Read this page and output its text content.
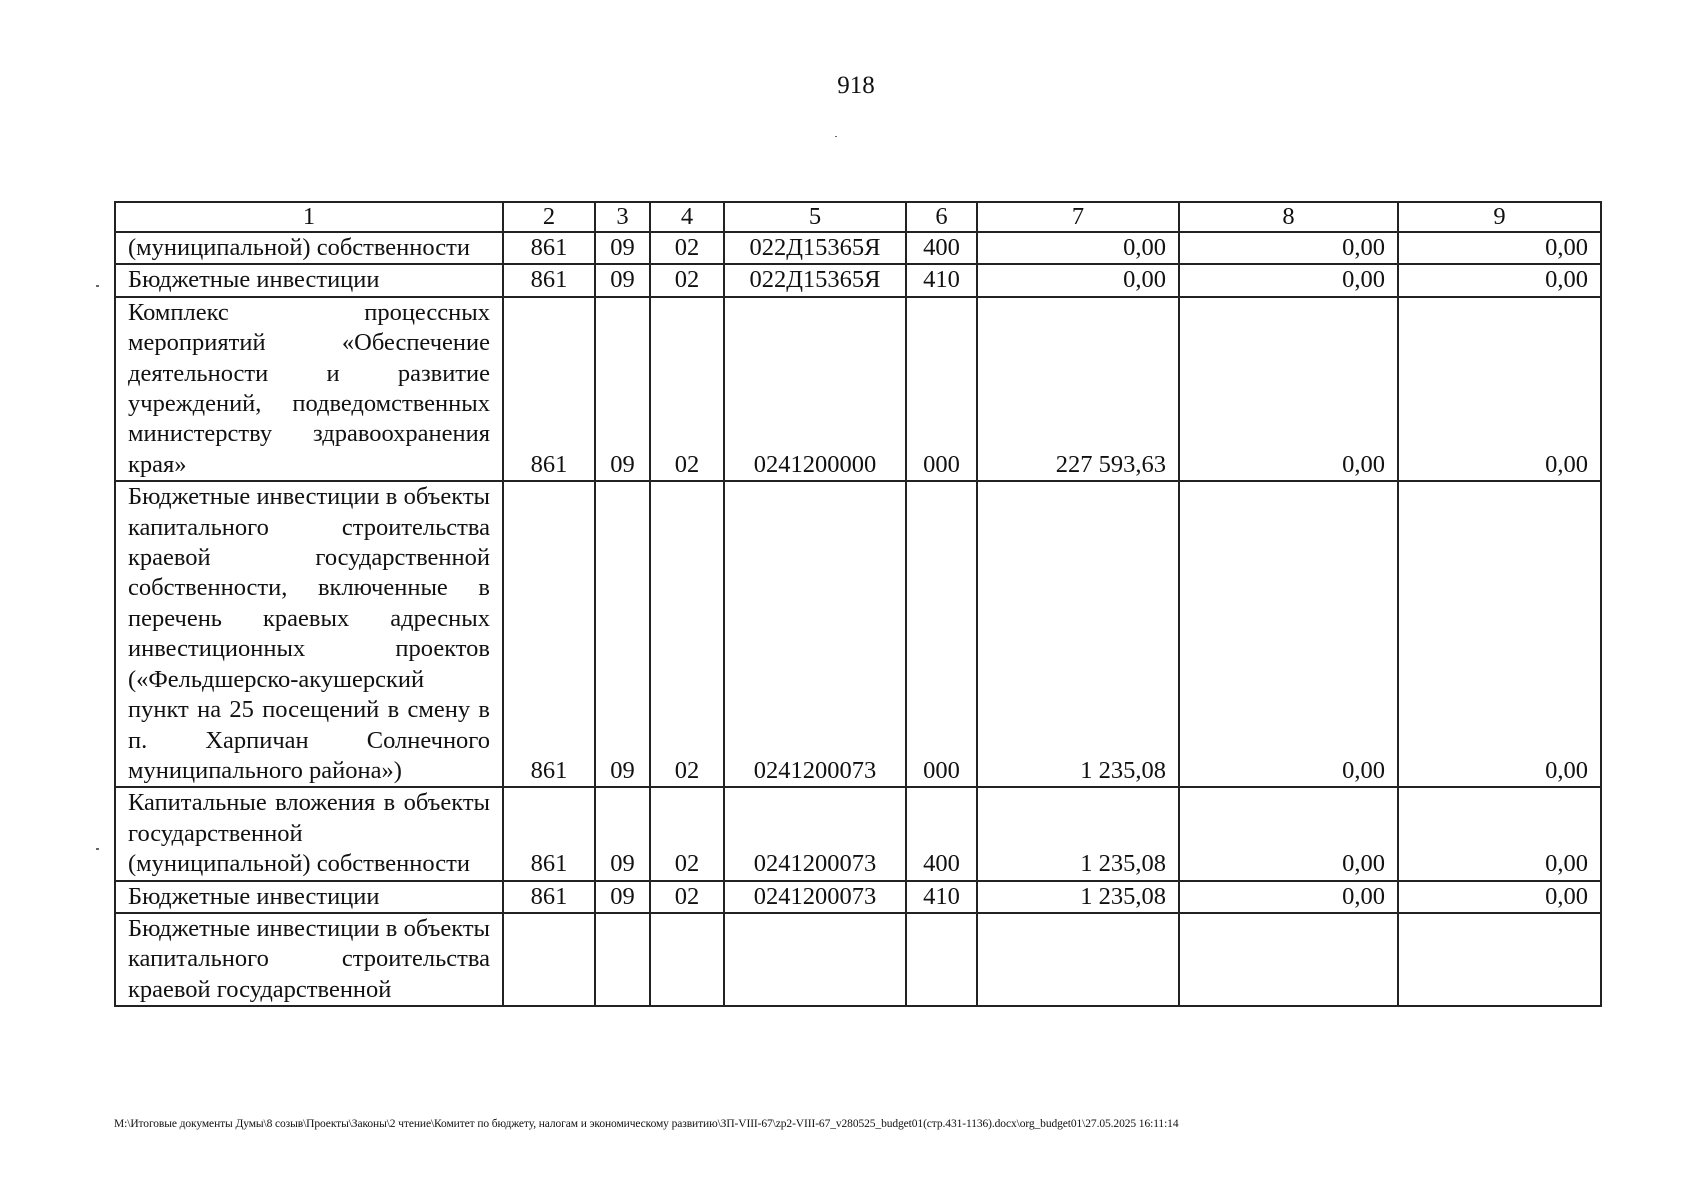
918
1	2	3	4	5	6	7	8	9
(муниципальной) собственности	861	09	02	022Д15365Я	400	0,00	0,00	0,00
Бюджетные инвестиции	861	09	02	022Д15365Я	410	0,00	0,00	0,00
Комплекс процессных мероприятий «Обеспечение деятельности и развитие учреждений, подведомственных министерству здравоохранения края»	861	09	02	0241200000	000	227 593,63	0,00	0,00
Бюджетные инвестиции в объекты капитального строительства краевой государственной собственности, включенные в перечень краевых адресных инвестиционных проектов («Фельдшерско-акушерский пункт на 25 посещений в смену в п. Харпичан Солнечного муниципального района»)	861	09	02	0241200073	000	1 235,08	0,00	0,00
Капитальные вложения в объекты государственной (муниципальной) собственности	861	09	02	0241200073	400	1 235,08	0,00	0,00
Бюджетные инвестиции	861	09	02	0241200073	410	1 235,08	0,00	0,00
Бюджетные инвестиции в объекты капитального строительства краевой государственной								
M:\Итоговые документы Думы\8 созыв\Проекты\Законы\2 чтение\Комитет по бюджету, налогам и экономическому развитию\ЗП-VIII-67\zp2-VIII-67_v280525_budget01(стр.431-1136).docx\org_budget01\27.05.2025 16:11:14
